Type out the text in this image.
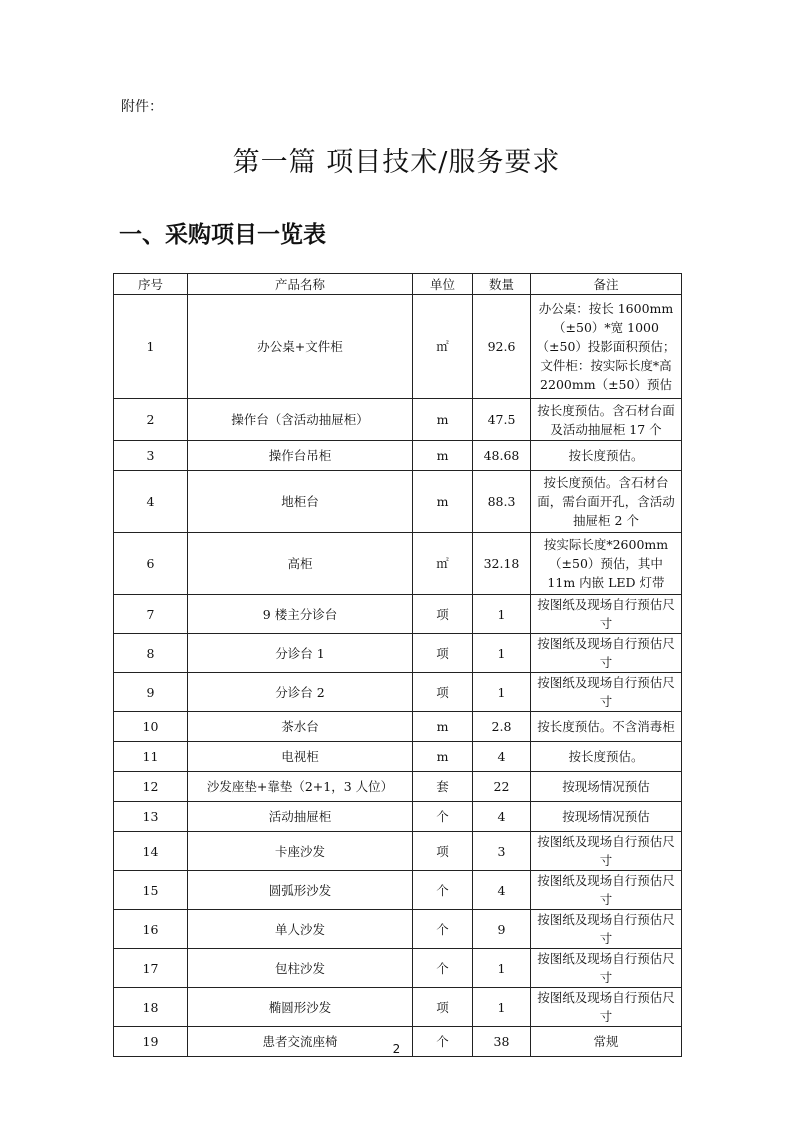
附件：
第一篇 项目技术/服务要求
一、采购项目一览表
序号	产品名称	单位	数量	备注
1	办公桌+文件柜	㎡	92.6	办公桌：按长 1600mm（±50）*宽 1000（±50）投影面积预估；文件柜：按实际长度*高 2200mm（±50）预估
2	操作台（含活动抽屉柜）	m	47.5	按长度预估。含石材台面及活动抽屉柜 17 个
3	操作台吊柜	m	48.68	按长度预估。
4	地柜台	m	88.3	按长度预估。含石材台面，需台面开孔，含活动抽屉柜 2 个
6	高柜	㎡	32.18	按实际长度*2600mm（±50）预估，其中 11m 内嵌 LED 灯带
7	9 楼主分诊台	项	1	按图纸及现场自行预估尺寸
8	分诊台 1	项	1	按图纸及现场自行预估尺寸
9	分诊台 2	项	1	按图纸及现场自行预估尺寸
10	茶水台	m	2.8	按长度预估。不含消毒柜
11	电视柜	m	4	按长度预估。
12	沙发座垫+靠垫（2+1，3 人位）	套	22	按现场情况预估
13	活动抽屉柜	个	4	按现场情况预估
14	卡座沙发	项	3	按图纸及现场自行预估尺寸
15	圆弧形沙发	个	4	按图纸及现场自行预估尺寸
16	单人沙发	个	9	按图纸及现场自行预估尺寸
17	包柱沙发	个	1	按图纸及现场自行预估尺寸
18	椭圆形沙发	项	1	按图纸及现场自行预估尺寸
19	患者交流座椅	个	38	常规
2
